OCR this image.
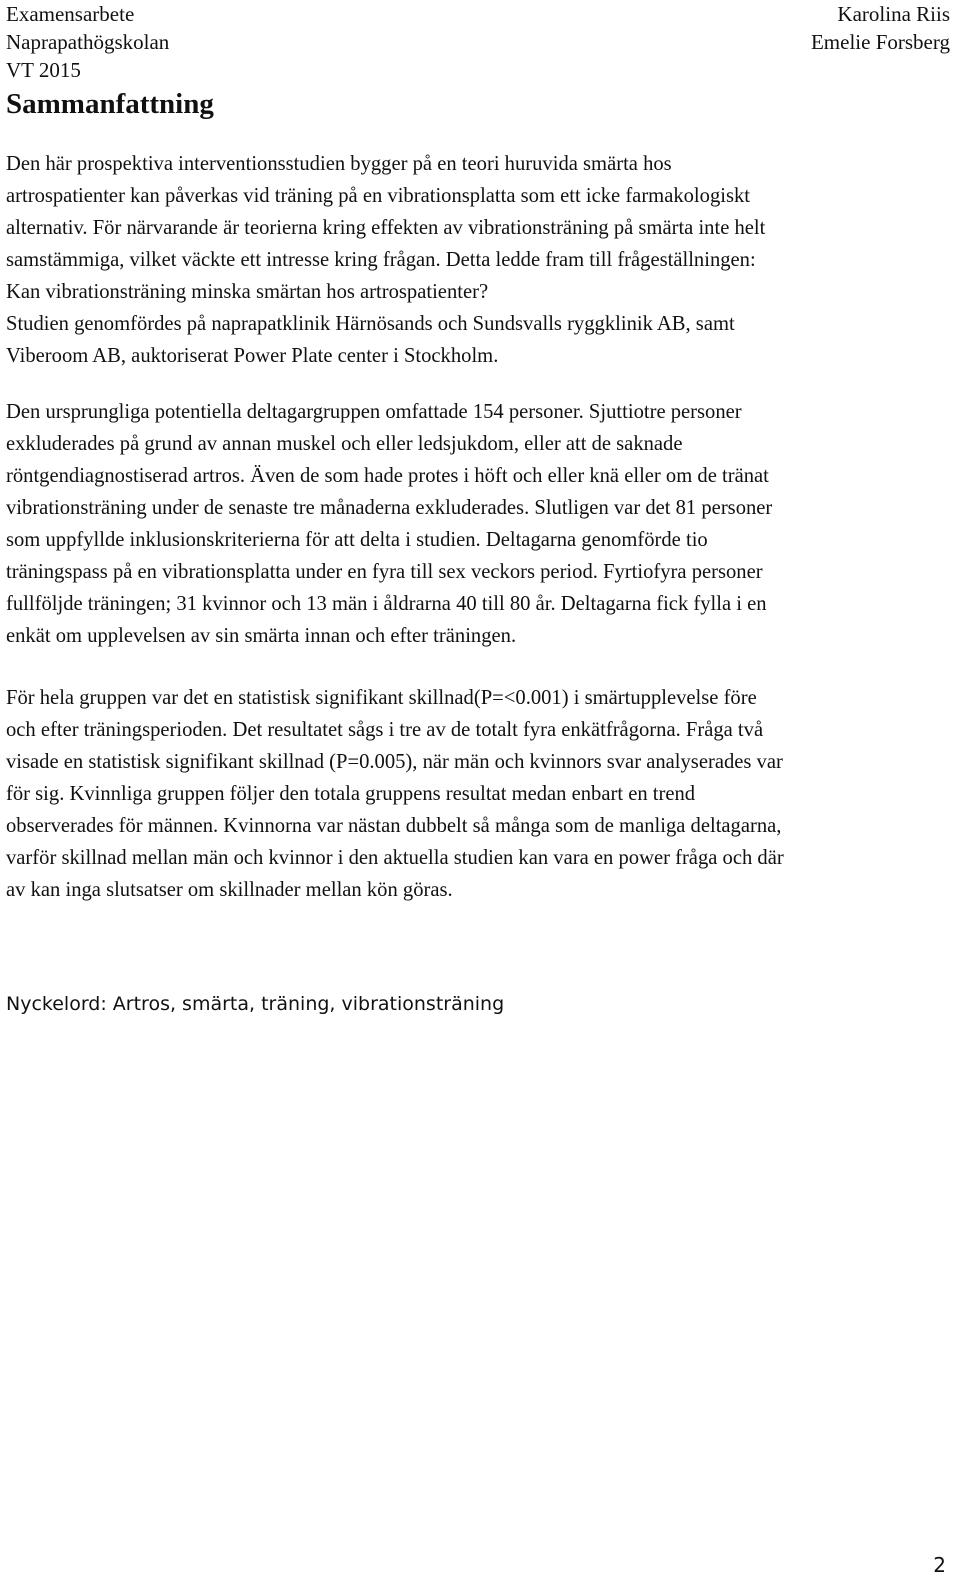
Examensarbete
Naprapathögskolan
VT 2015
Karolina Riis
Emelie Forsberg
Sammanfattning
Den här prospektiva interventionsstudien bygger på en teori huruvida smärta hos
artrospatienter kan påverkas vid träning på en vibrationsplatta som ett icke farmakologiskt
alternativ. För närvarande är teorierna kring effekten av vibrationsträning på smärta inte helt
samstämmiga, vilket väckte ett intresse kring frågan. Detta ledde fram till frågeställningen:
Kan vibrationsträning minska smärtan hos artrospatienter?
Studien genomfördes på naprapatklinik Härnösands och Sundsvalls ryggklinik AB, samt
Viberoom AB, auktoriserat Power Plate center i Stockholm.
Den ursprungliga potentiella deltagargruppen omfattade 154 personer. Sjuttiotre personer
exkluderades på grund av annan muskel och eller ledsjukdom, eller att de saknade
röntgendiagnostiserad artros. Även de som hade protes i höft och eller knä eller om de tränat
vibrationsträning under de senaste tre månaderna exkluderades. Slutligen var det 81 personer
som uppfyllde inklusionskriterierna för att delta i studien. Deltagarna genomförde tio
träningspass på en vibrationsplatta under en fyra till sex veckors period. Fyrtiofyra personer
fullföljde träningen; 31 kvinnor och 13 män i åldrarna 40 till 80 år. Deltagarna fick fylla i en
enkät om upplevelsen av sin smärta innan och efter träningen.
För hela gruppen var det en statistisk signifikant skillnad(P=<0.001) i smärtupplevelse före
och efter träningsperioden. Det resultatet sågs i tre av de totalt fyra enkätfrågorna. Fråga två
visade en statistisk signifikant skillnad (P=0.005), när män och kvinnors svar analyserades var
för sig. Kvinnliga gruppen följer den totala gruppens resultat medan enbart en trend
observerades för männen. Kvinnorna var nästan dubbelt så många som de manliga deltagarna,
varför skillnad mellan män och kvinnor i den aktuella studien kan vara en power fråga och där
av kan inga slutsatser om skillnader mellan kön göras.
Nyckelord: Artros, smärta, träning, vibrationsträning
2
